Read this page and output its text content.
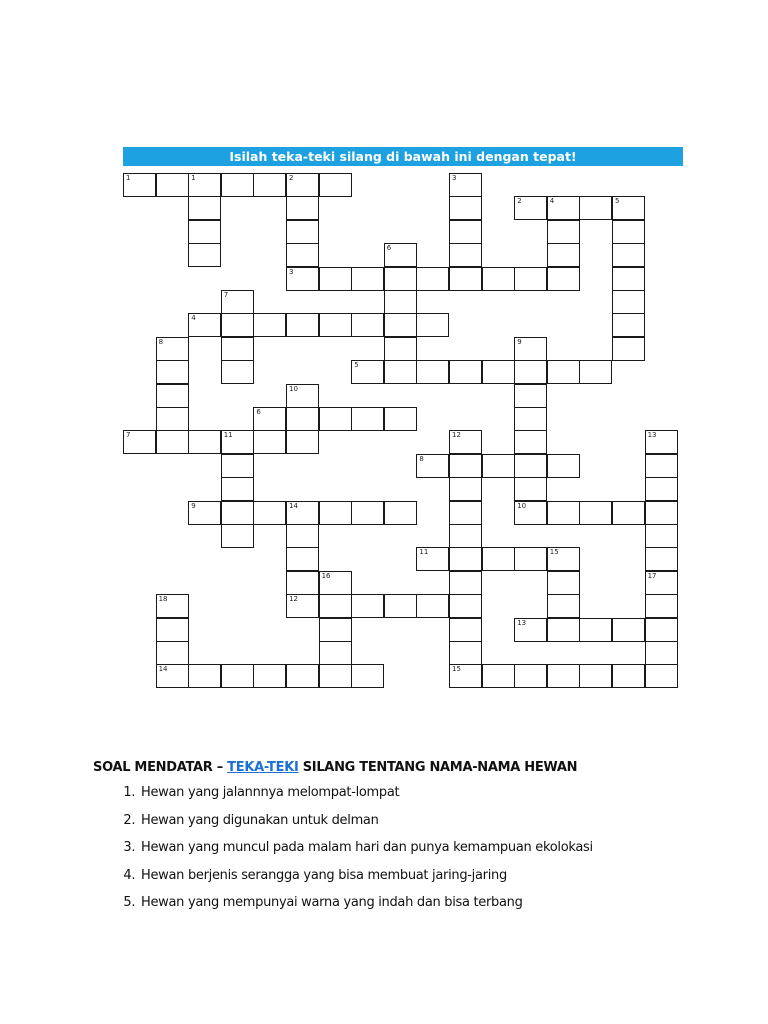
Isilah teka-teki silang di bawah ini dengan tepat!
1	1	2
3
3
2	4	5
6
7
4
8	9
10
5
10
6
7	11	12	13
17
8
9	14
12
11	15
16
18
14
13
15

SOAL MENDATAR – TEKA-TEKI SILANG TENTANG NAMA-NAMA HEWAN

1. Hewan yang jalannnya melompat-lompat
2. Hewan yang digunakan untuk delman
3. Hewan yang muncul pada malam hari dan punya kemampuan ekolokasi
4. Hewan berjenis serangga yang bisa membuat jaring-jaring
5. Hewan yang mempunyai warna yang indah dan bisa terbang
